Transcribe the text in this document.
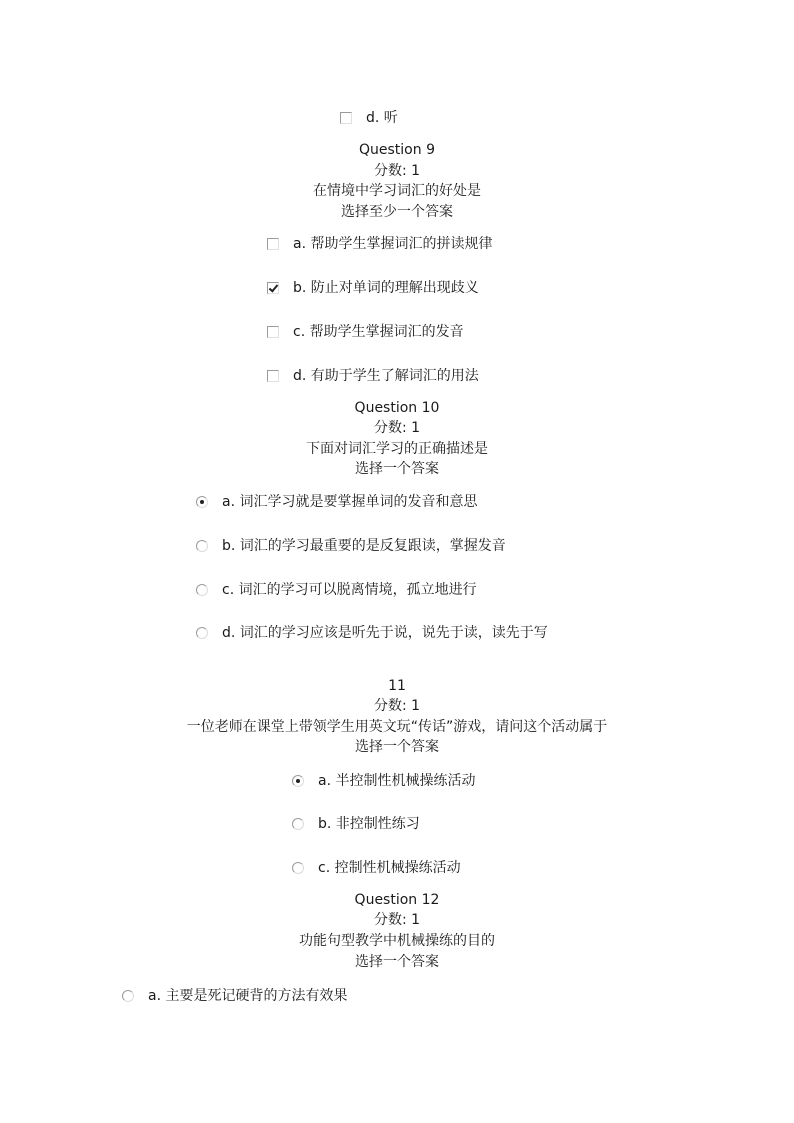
d. 听
Question 9
分数: 1
在情境中学习词汇的好处是
选择至少一个答案
a. 帮助学生掌握词汇的拼读规律
b. 防止对单词的理解出现歧义
c. 帮助学生掌握词汇的发音
d. 有助于学生了解词汇的用法
Question 10
分数: 1
下面对词汇学习的正确描述是
选择一个答案
a. 词汇学习就是要掌握单词的发音和意思
b. 词汇的学习最重要的是反复跟读，掌握发音
c. 词汇的学习可以脱离情境，孤立地进行
d. 词汇的学习应该是听先于说，说先于读，读先于写
11
分数: 1
一位老师在课堂上带领学生用英文玩“传话”游戏，请问这个活动属于
选择一个答案
a. 半控制性机械操练活动
b. 非控制性练习
c. 控制性机械操练活动
Question 12
分数: 1
功能句型教学中机械操练的目的
选择一个答案
a. 主要是死记硬背的方法有效果
